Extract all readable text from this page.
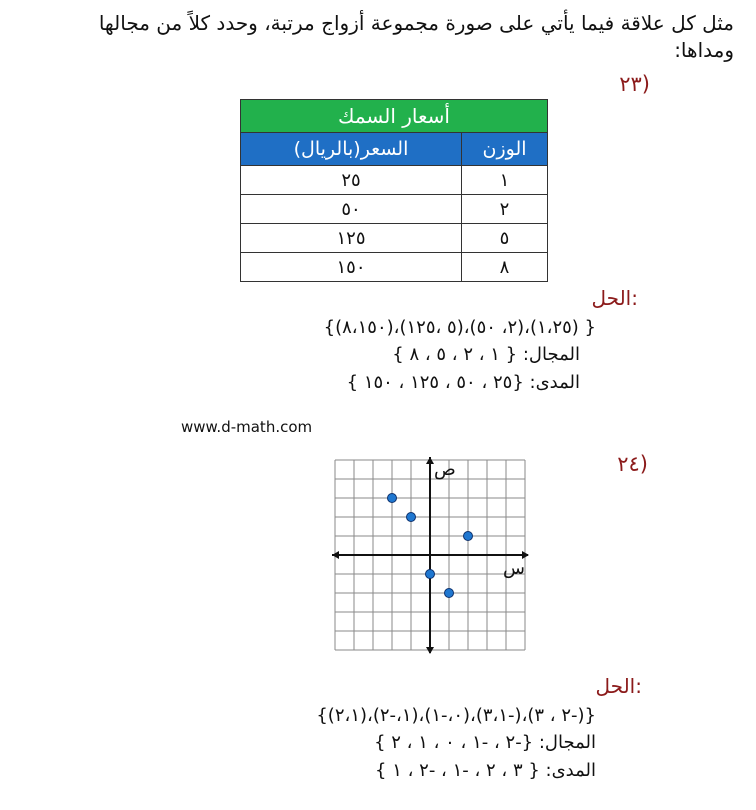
مثل كل علاقة فيما يأتي على صورة مجموعة أزواج مرتبة، وحدد كلاً من مجالها ومداها:
٢٣)
أسعار السمك	
السعر(بالريال)	الوزن
٢٥	١
٥٠	٢
١٢٥	٥
١٥٠	٨
الحل:
{ (١،٢٥)،(٢، ٥٠)،(٥ ،١٢٥)،(٨،١٥٠)}
المجال: { ١ ، ٢ ، ٥ ، ٨ }
المدى: {٢٥ ، ٥٠ ، ١٢٥ ، ١٥٠ }
www.d-math.com
٢٤)
س
ص
الحل:
{(-٢ ، ٣)،(-٣،١)،(٠،-١)،(١،-٢)،(٢،١)}
المجال: {-٢ ، -١ ، ٠ ، ١ ، ٢ }
المدى: { ٣ ، ٢ ، -١ ، -٢ ، ١ }
